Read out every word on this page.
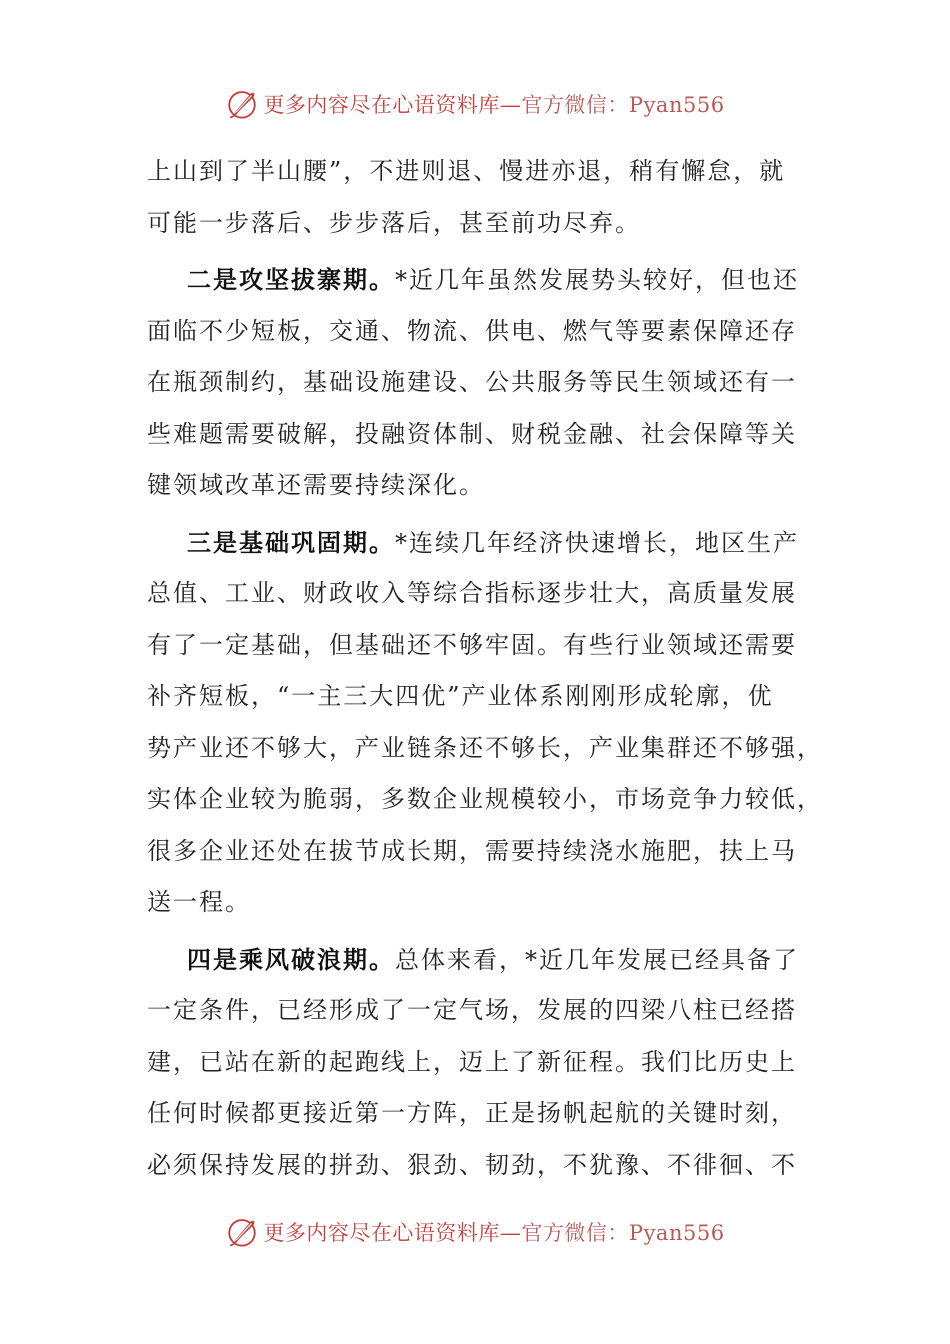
更多内容尽在心语资料库—官方微信：Pyan556
上山到了半山腰”，不进则退、慢进亦退，稍有懈怠，就
可能一步落后、步步落后，甚至前功尽弃。
二是攻坚拔寨期。*近几年虽然发展势头较好，但也还
面临不少短板，交通、物流、供电、燃气等要素保障还存
在瓶颈制约，基础设施建设、公共服务等民生领域还有一
些难题需要破解，投融资体制、财税金融、社会保障等关
键领域改革还需要持续深化。
三是基础巩固期。*连续几年经济快速增长，地区生产
总值、工业、财政收入等综合指标逐步壮大，高质量发展
有了一定基础，但基础还不够牢固。有些行业领域还需要
补齐短板，“一主三大四优”产业体系刚刚形成轮廓，优
势产业还不够大，产业链条还不够长，产业集群还不够强，
实体企业较为脆弱，多数企业规模较小，市场竞争力较低，
很多企业还处在拔节成长期，需要持续浇水施肥，扶上马
送一程。
四是乘风破浪期。总体来看，*近几年发展已经具备了
一定条件，已经形成了一定气场，发展的四梁八柱已经搭
建，已站在新的起跑线上，迈上了新征程。我们比历史上
任何时候都更接近第一方阵，正是扬帆起航的关键时刻，
必须保持发展的拼劲、狠劲、韧劲，不犹豫、不徘徊、不
更多内容尽在心语资料库—官方微信：Pyan556
